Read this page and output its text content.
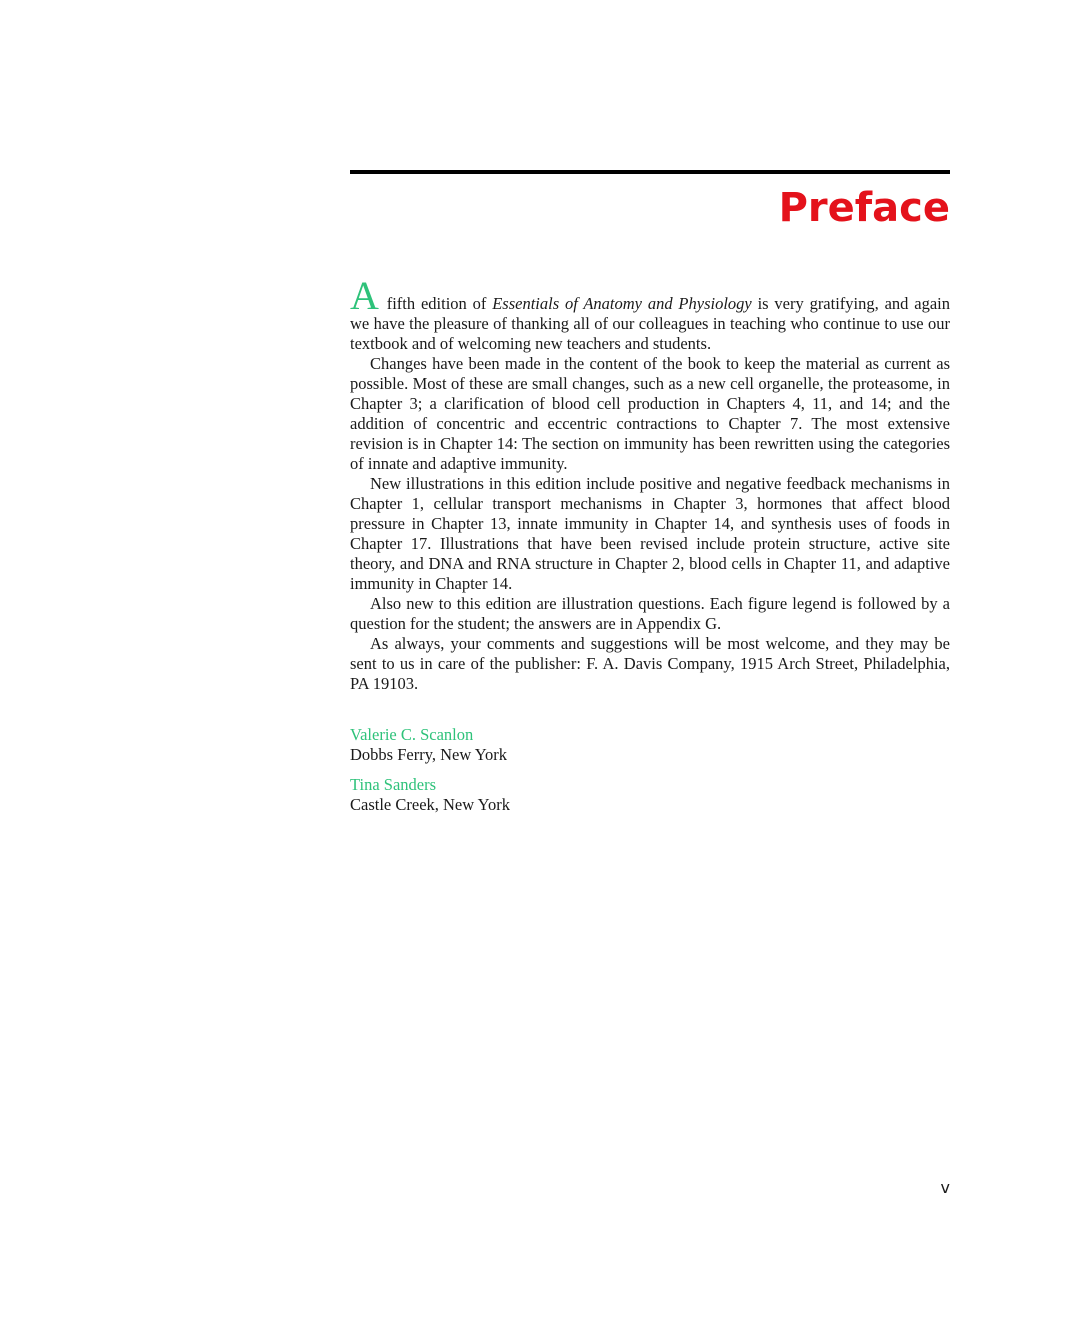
Preface

A fifth edition of Essentials of Anatomy and Physiology is very gratifying, and again we have the pleasure of thanking all of our colleagues in teaching who continue to use our textbook and of welcoming new teachers and students.

Changes have been made in the content of the book to keep the material as current as possible. Most of these are small changes, such as a new cell organelle, the proteasome, in Chapter 3; a clarification of blood cell production in Chapters 4, 11, and 14; and the addition of concentric and eccentric contractions to Chapter 7. The most extensive revision is in Chapter 14: The section on immunity has been rewritten using the categories of innate and adaptive immunity.

New illustrations in this edition include positive and negative feedback mechanisms in Chapter 1, cellular transport mechanisms in Chapter 3, hormones that affect blood pressure in Chapter 13, innate immunity in Chapter 14, and synthesis uses of foods in Chapter 17. Illustrations that have been revised include protein structure, active site theory, and DNA and RNA structure in Chapter 2, blood cells in Chapter 11, and adaptive immunity in Chapter 14.

Also new to this edition are illustration questions. Each figure legend is followed by a question for the student; the answers are in Appendix G.

As always, your comments and suggestions will be most welcome, and they may be sent to us in care of the publisher: F. A. Davis Company, 1915 Arch Street, Philadelphia, PA 19103.

Valerie C. Scanlon
Dobbs Ferry, New York
Tina Sanders
Castle Creek, New York
v
